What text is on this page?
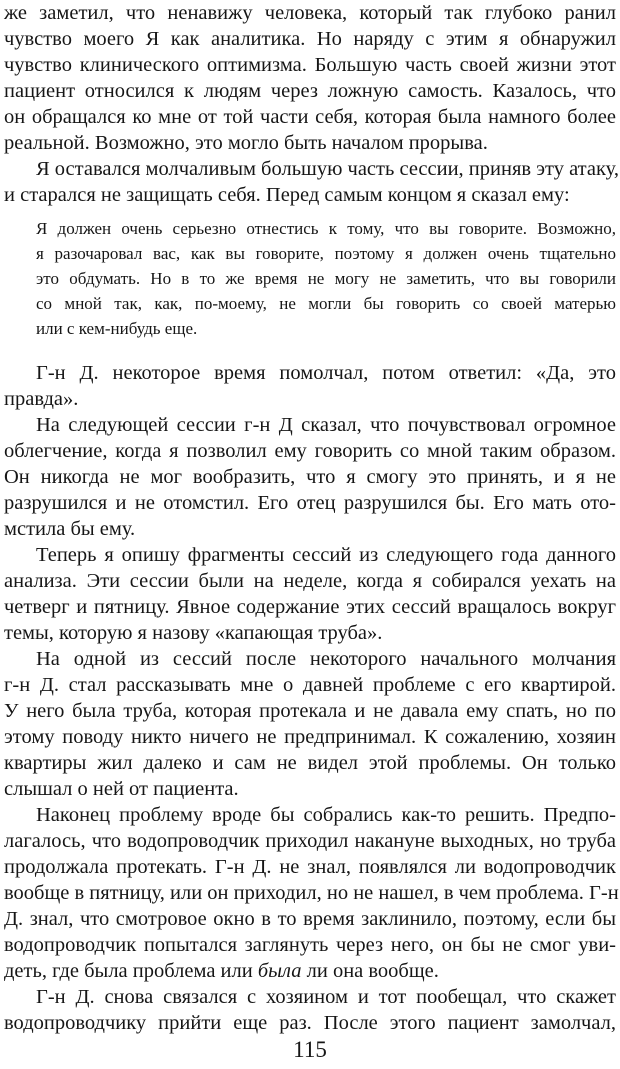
же заметил, что ненавижу человека, который так глубоко ранил
чувство моего Я как аналитика. Но наряду с этим я обнаружил
чувство клинического оптимизма. Большую часть своей жизни этот
пациент относился к людям через ложную самость. Казалось, что
он обращался ко мне от той части себя, которая была намного более
реальной. Возможно, это могло быть началом прорыва.
Я оставался молчаливым большую часть сессии, приняв эту атаку,
и старался не защищать себя. Перед самым концом я сказал ему:
Я должен очень серьезно отнестись к тому, что вы говорите. Возможно,
я разочаровал вас, как вы говорите, поэтому я должен очень тщательно
это обдумать. Но в то же время не могу не заметить, что вы говорили
со мной так, как, по-моему, не могли бы говорить со своей матерью
или с кем-нибудь еще.
Г-н Д. некоторое время помолчал, потом ответил: «Да, это
правда».
На следующей сессии г-н Д сказал, что почувствовал огромное
облегчение, когда я позволил ему говорить со мной таким образом.
Он никогда не мог вообразить, что я смогу это принять, и я не
разрушился и не отомстил. Его отец разрушился бы. Его мать ото-
мстила бы ему.
Теперь я опишу фрагменты сессий из следующего года данного
анализа. Эти сессии были на неделе, когда я собирался уехать на
четверг и пятницу. Явное содержание этих сессий вращалось вокруг
темы, которую я назову «капающая труба».
На одной из сессий после некоторого начального молчания
г-н Д. стал рассказывать мне о давней проблеме с его квартирой.
У него была труба, которая протекала и не давала ему спать, но по
этому поводу никто ничего не предпринимал. К сожалению, хозяин
квартиры жил далеко и сам не видел этой проблемы. Он только
слышал о ней от пациента.
Наконец проблему вроде бы собрались как-то решить. Предпо-
лагалось, что водопроводчик приходил накануне выходных, но труба
продолжала протекать. Г-н Д. не знал, появлялся ли водопроводчик
вообще в пятницу, или он приходил, но не нашел, в чем проблема. Г-н
Д. знал, что смотровое окно в то время заклинило, поэтому, если бы
водопроводчик попытался заглянуть через него, он бы не смог уви-
деть, где была проблема или была ли она вообще.
Г-н Д. снова связался с хозяином и тот пообещал, что скажет
водопроводчику прийти еще раз. После этого пациент замолчал,
115
